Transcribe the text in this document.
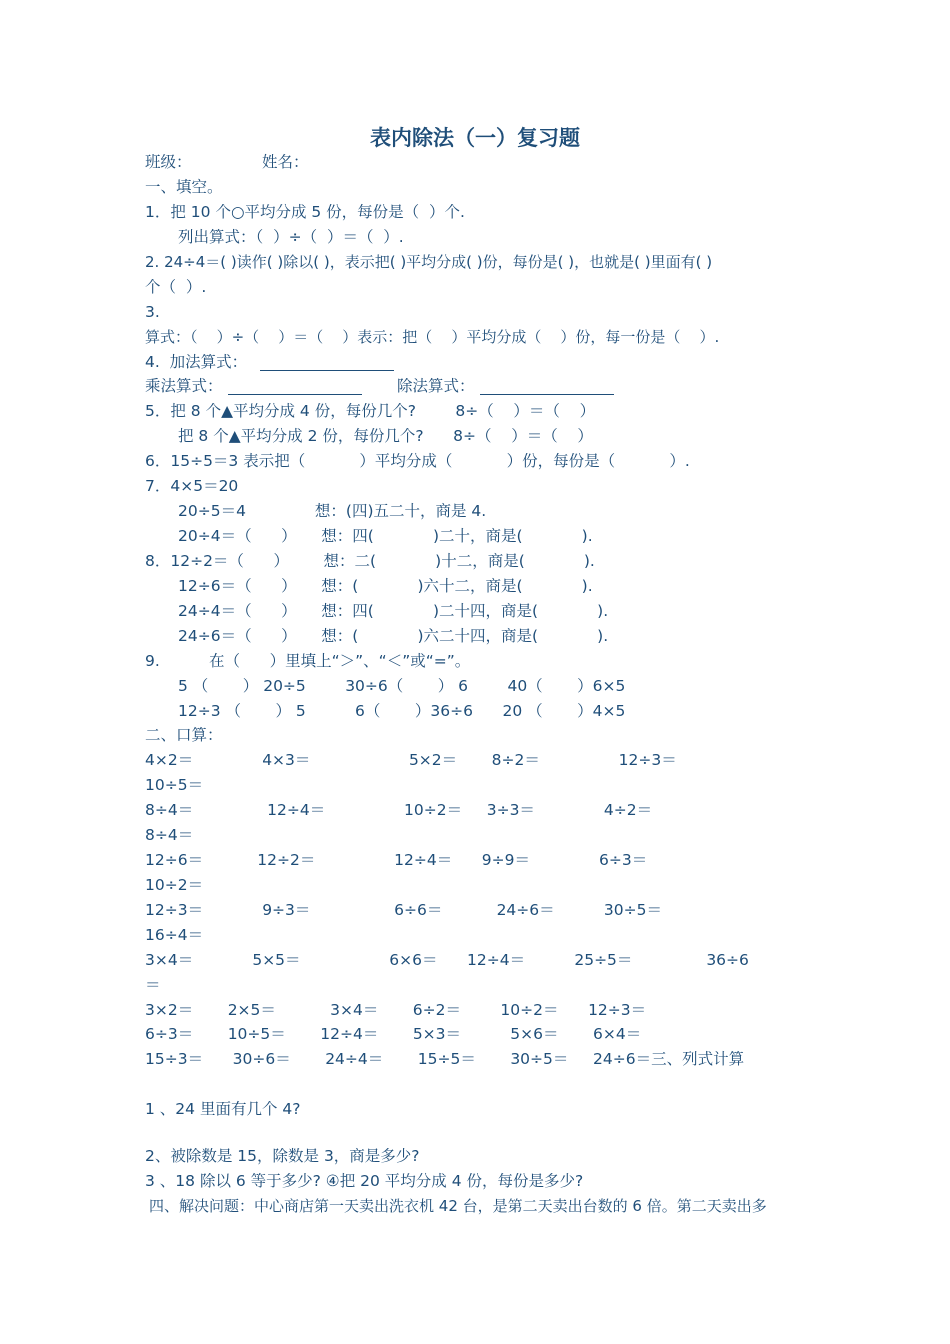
表内除法（一）复习题
班级：	姓名：
一、填空。
1．把 10 个○平均分成 5 份，每份是（  ）个.
列出算式：（  ）÷（  ）＝（  ）.
2. 24÷4＝( )读作( )除以( )，表示把( )平均分成( )份，每份是( )，也就是( )里面有( )
个（  ）.
3.
算式：（    ）÷（    ）＝（    ）表示：把（    ）平均分成（    ）份，每一份是（    ）.
4.  加法算式：
乘法算式：	除法算式：
5．把 8 个▲平均分成 4 份，每份几个?        8÷（    ）＝（    ）
把 8 个▲平均分成 2 份，每份几个?      8÷（    ）＝（    ）
6．15÷5＝3 表示把（           ）平均分成（           ）份，每份是（           ）.
7．4×5＝20
20÷5＝4              想：(四)五二十，商是 4.
20÷4＝（      ）     想：四(            )二十，商是(            ).
8．12÷2＝（      ）       想：二(            )十二，商是(            ).
12÷6＝（      ）     想：(            )六十二，商是(            ).
24÷4＝（      ）     想：四(            )二十四，商是(            ).
24÷6＝（      ）     想：(            )六二十四，商是(            ).
9.          在（      ）里填上“＞”、“＜”或“=”。
5 （       ） 20÷5        30÷6（       ） 6        40（       ）6×5
12÷3 （       ） 5          6（       ）36÷6      20 （       ）4×5
二、口算：
4×2＝              4×3＝                    5×2＝       8÷2＝                12÷3＝
10÷5＝
8÷4＝               12÷4＝                10÷2＝     3÷3＝              4÷2＝
8÷4＝
12÷6＝           12÷2＝                12÷4＝      9÷9＝              6÷3＝
10÷2＝
12÷3＝            9÷3＝                 6÷6＝           24÷6＝          30÷5＝
16÷4＝
3×4＝            5×5＝                  6×6＝      12÷4＝          25÷5＝               36÷6
＝
3×2＝       2×5＝           3×4＝       6÷2＝        10÷2＝      12÷3＝
6÷3＝       10÷5＝       12÷4＝       5×3＝          5×6＝       6×4＝
15÷3＝      30÷6＝       24÷4＝       15÷5＝       30÷5＝     24÷6＝三、列式计算
1 、24 里面有几个 4?
2、被除数是 15，除数是 3，商是多少?
3 、18 除以 6 等于多少? ④把 20 平均分成 4 份，每份是多少?
四、解决问题：中心商店第一天卖出洗衣机 42 台，是第二天卖出台数的 6 倍。第二天卖出多
